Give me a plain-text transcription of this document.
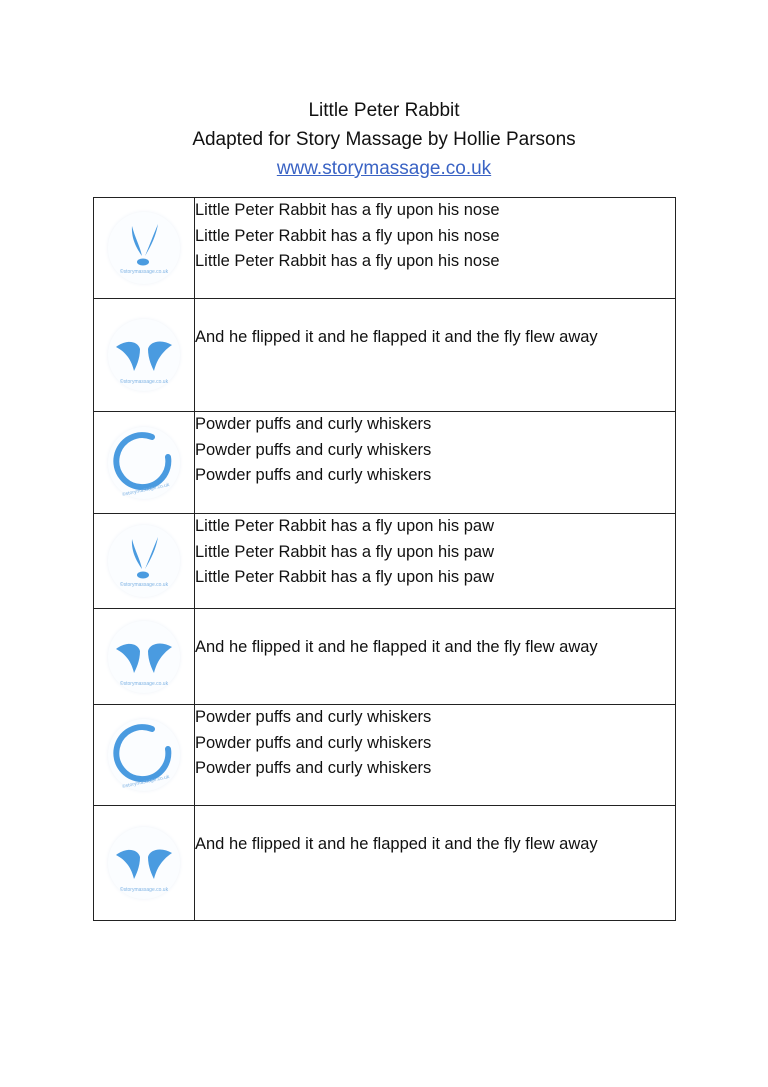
Little Peter Rabbit
Adapted for Story Massage by Hollie Parsons
www.storymassage.co.uk
©storymassage.co.uk	Little Peter Rabbit has a fly upon his nose
Little Peter Rabbit has a fly upon his nose
Little Peter Rabbit has a fly upon his nose

©storymassage.co.uk	And he flipped it and he flapped it and the fly flew away

©storymassage.co.uk	Powder puffs and curly whiskers
Powder puffs and curly whiskers
Powder puffs and curly whiskers

©storymassage.co.uk	Little Peter Rabbit has a fly upon his paw
Little Peter Rabbit has a fly upon his paw
Little Peter Rabbit has a fly upon his paw

©storymassage.co.uk	And he flipped it and he flapped it and the fly flew away

©storymassage.co.uk	Powder puffs and curly whiskers
Powder puffs and curly whiskers
Powder puffs and curly whiskers

©storymassage.co.uk	And he flipped it and he flapped it and the fly flew away
